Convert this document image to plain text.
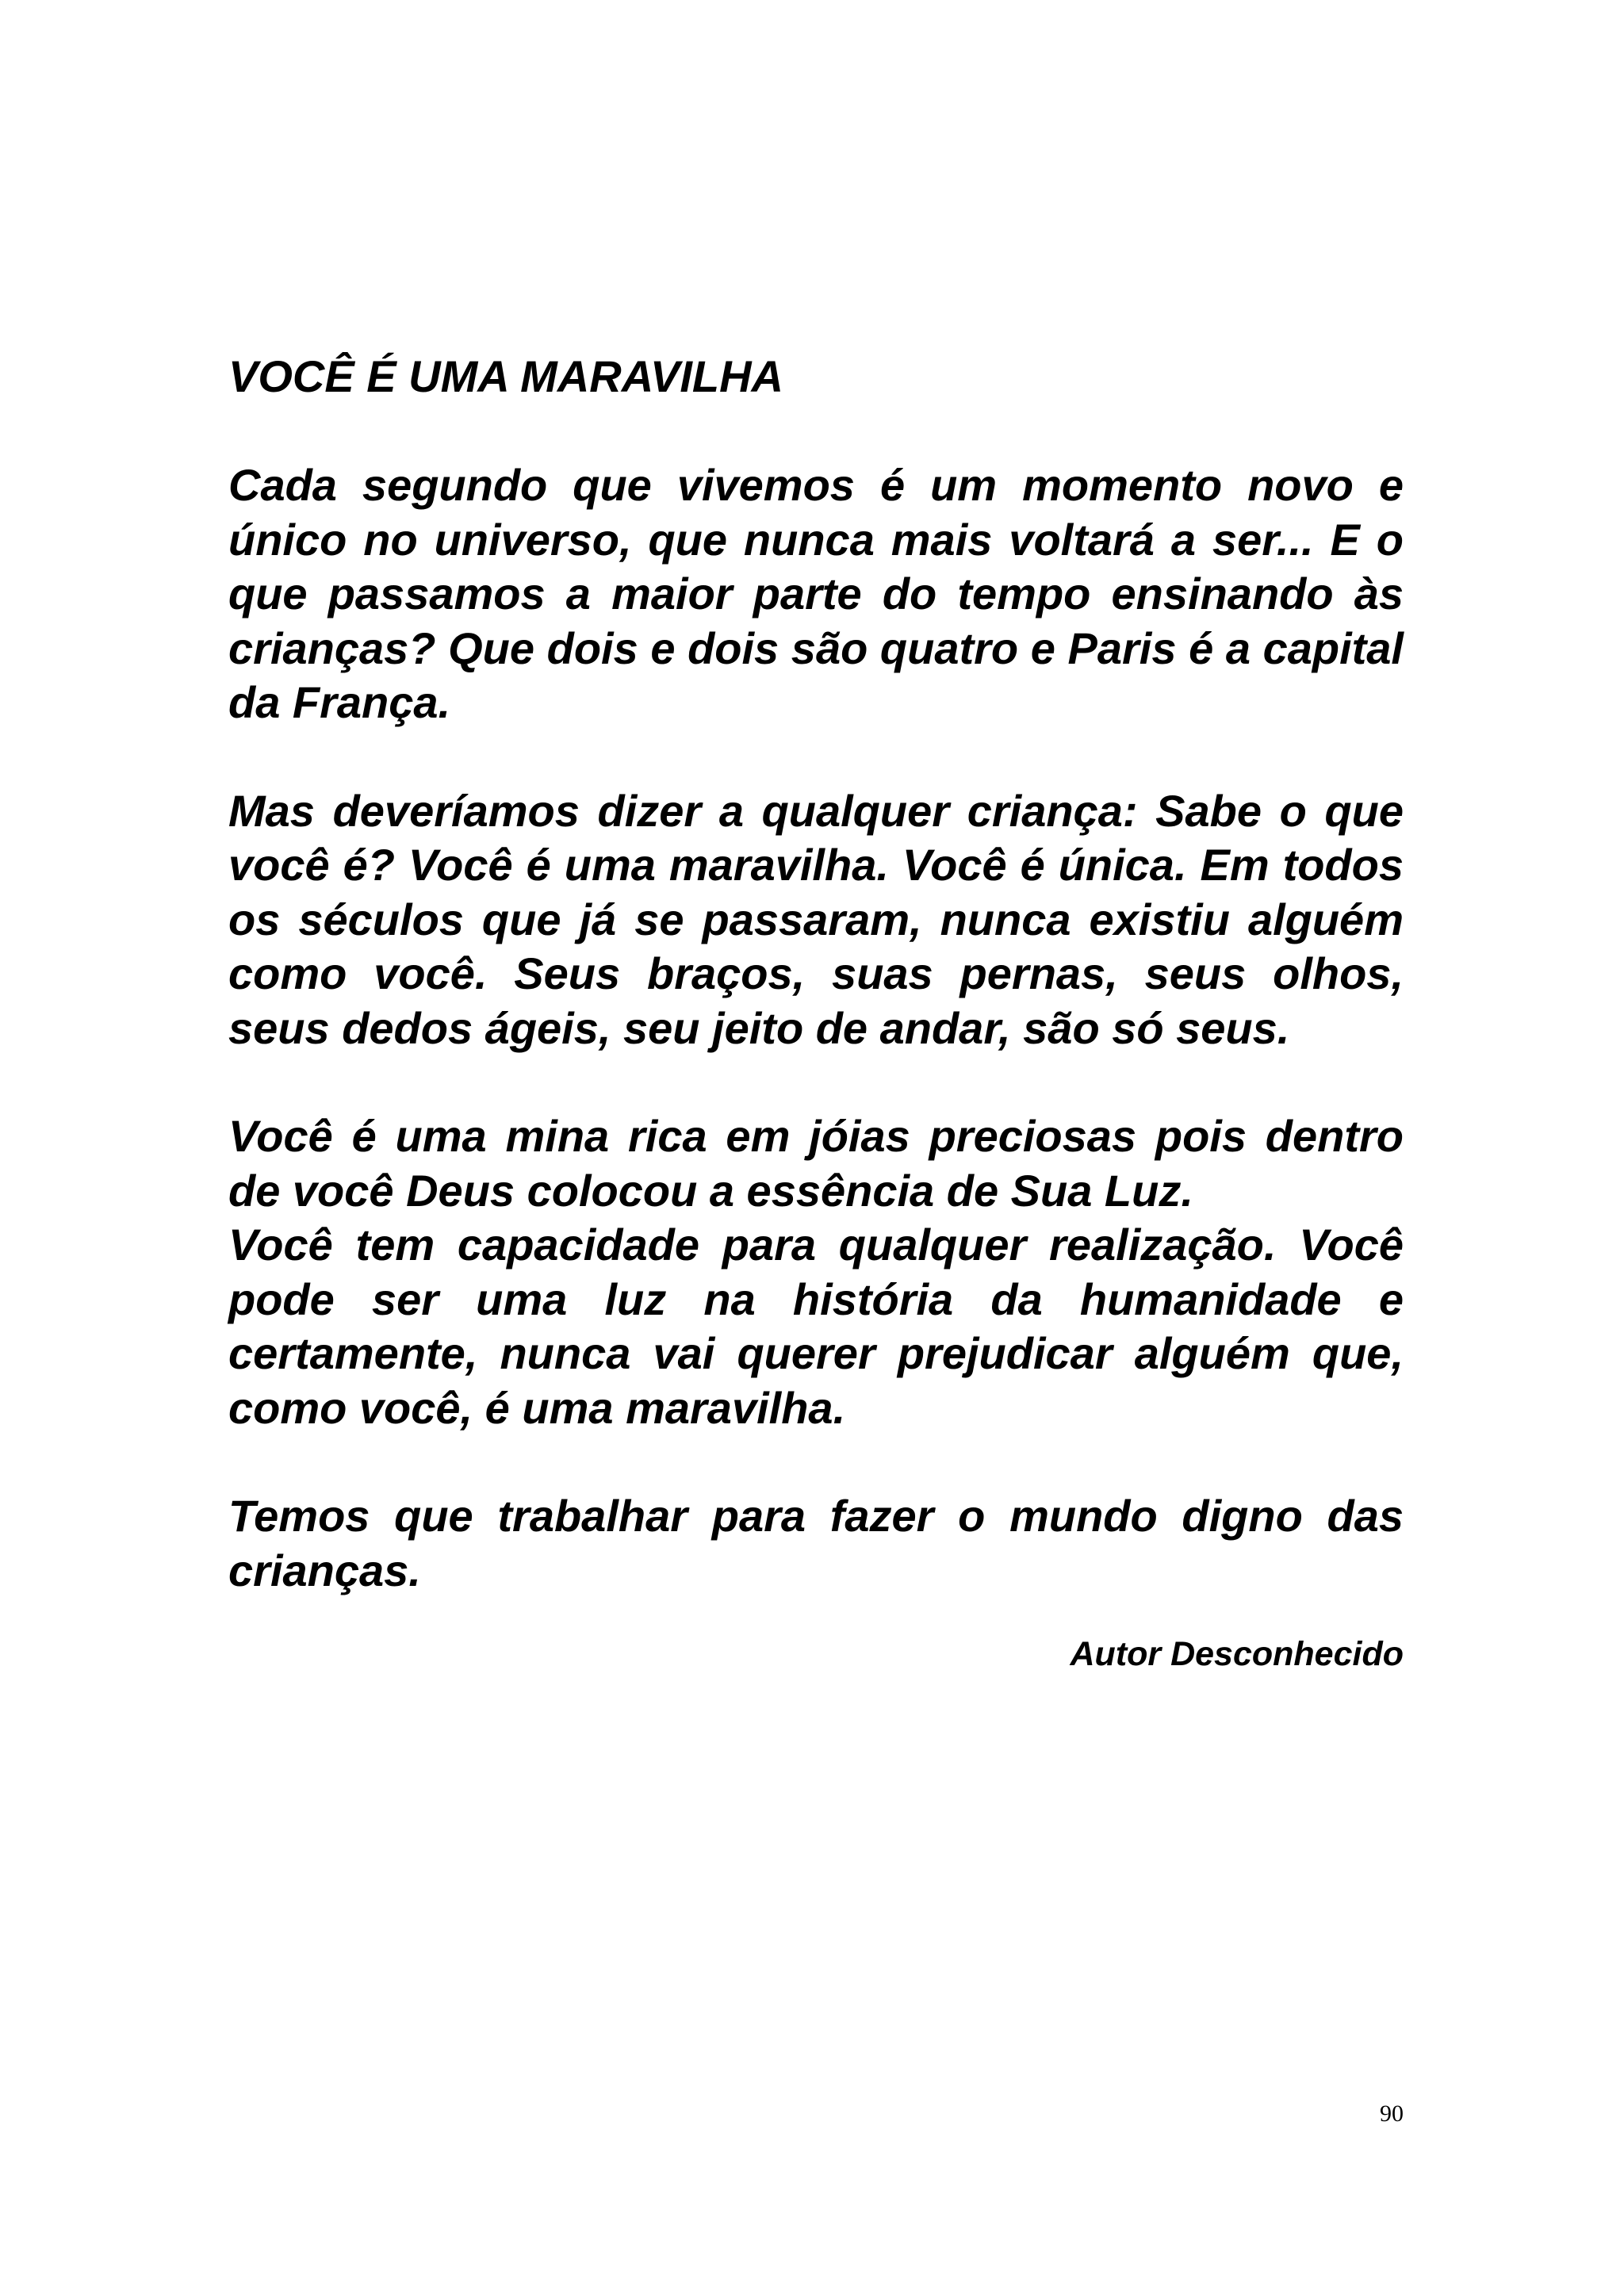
VOCÊ É UMA MARAVILHA

Cada segundo que vivemos é um momento novo e único no universo, que nunca mais voltará a ser... E o que passamos a maior parte do tempo ensinando às crianças? Que dois e dois são quatro e Paris é a capital da França.

Mas deveríamos dizer a qualquer criança: Sabe o que você é? Você é uma maravilha. Você é única. Em todos os séculos que já se passaram, nunca existiu alguém como você. Seus braços, suas pernas, seus olhos, seus dedos ágeis, seu jeito de andar, são só seus.

Você é uma mina rica em jóias preciosas pois dentro de você Deus colocou a essência de Sua Luz.

Você tem capacidade para qualquer realização. Você pode ser uma luz na história da humanidade e certamente, nunca vai querer prejudicar alguém que, como você, é uma maravilha.

Temos que trabalhar para fazer o mundo digno das crianças.

Autor Desconhecido
90
